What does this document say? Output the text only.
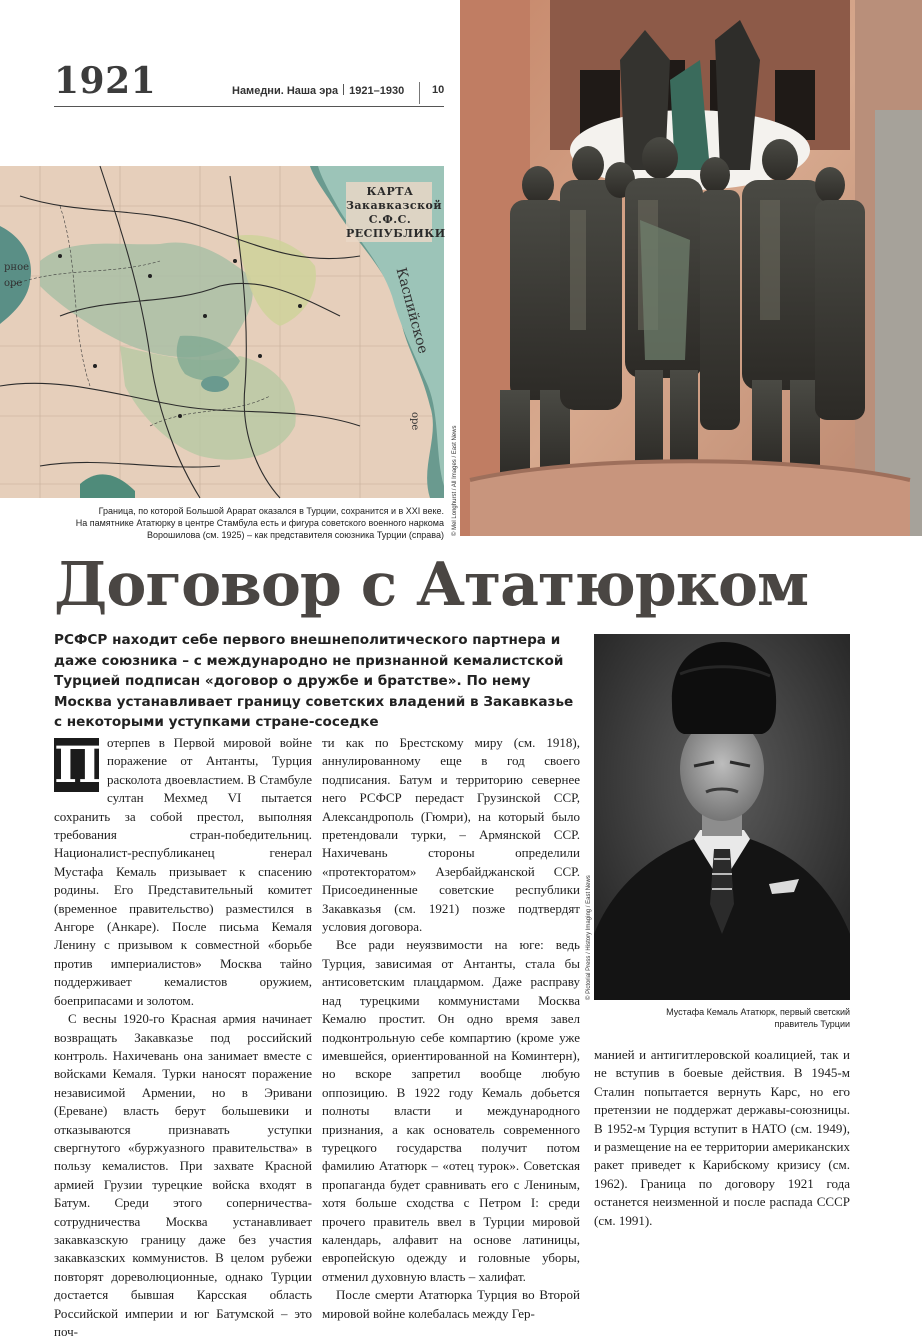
1921	Намедни. Наша эра 1921–1930	10
КАРТА
Закавказской
С.Ф.С.
РЕСПУБЛИКИ
рное
оре	Каспийское
оре
Граница, по которой Большой Арарат оказался в Турции, сохранится и в XXI веке.
На памятнике Ататюрку в центре Стамбула есть и фигура советского военного наркома
Ворошилова (см. 1925) – как представителя союзника Турции (справа) © Mel Longhurst / All Images / East News
Договор с Ататюрком
РСФСР находит себе первого внешнеполитического партнера и даже союзника – с международно не признанной кемалистской Турцией подписан «договор о дружбе и братстве». По нему Москва устанавливает границу советских владений в Закавказье с некоторыми уступками стране-соседке
© Pictorial Press / History Imaging / East News
Мустафа Кемаль Ататюрк, первый светский
правитель Турции

Потерпев в Первой мировой войне поражение от Антанты, Турция расколота двоевластием. В Стамбуле султан Мехмед VI пытается сохранить за собой престол, выполняя требования стран-победительниц. Националист-республиканец генерал Мустафа Кемаль призывает к спасению родины. Его Представительный комитет (временное правительство) разместился в Ангоре (Анкаре). После письма Кемаля Ленину с призывом к совместной «борьбе против империалистов» Москва тайно поддерживает кемалистов оружием, боеприпасами и золотом.

С весны 1920-го Красная армия начинает возвращать Закавказье под российский контроль. Нахичевань она занимает вместе с войсками Кемаля. Турки наносят поражение независимой Армении, но в Эривани (Ереване) власть берут большевики и отказываются признавать уступки свергнутого «буржуазного правительства» в пользу кемалистов. При захвате Красной армией Грузии турецкие войска входят в Батум. Среди этого соперничества-сотрудничества Москва устанавливает закавказскую границу даже без участия закавказских коммунистов. В целом рубежи повторят дореволюционные, однако Турции достается бывшая Карсская область Российской империи и юг Батумской – это поч-

ти как по Брестскому миру (см. 1918), аннулированному еще в год своего подписания. Батум и территорию севернее него РСФСР передаст Грузинской ССР, Александрополь (Гюмри), на который было претендовали турки, – Армянской ССР. Нахичевань стороны определили «протекторатом» Азербайджанской ССР. Присоединенные советские республики Закавказья (см. 1921) позже подтвердят условия договора.

Все ради неуязвимости на юге: ведь Турция, зависимая от Антанты, стала бы антисоветским плацдармом. Даже расправу над турецкими коммунистами Москва Кемалю простит. Он одно время завел подконтрольную себе компартию (кроме уже имевшейся, ориентированной на Коминтерн), но вскоре запретил вообще любую оппозицию. В 1922 году Кемаль добьется полноты власти и международного признания, а как основатель современного турецкого государства получит потом фамилию Ататюрк – «отец турок». Советская пропаганда будет сравнивать его с Лениным, хотя больше сходства с Петром I: среди прочего правитель ввел в Турции мировой календарь, алфавит на основе латиницы, европейскую одежду и головные уборы, отменил духовную власть – халифат.

После смерти Ататюрка Турция во Второй мировой войне колебалась между Гер-

манией и антигитлеровской коалицией, так и не вступив в боевые действия. В 1945-м Сталин попытается вернуть Карс, но его претензии не поддержат державы-союзницы. В 1952-м Турция вступит в НАТО (см. 1949), и размещение на ее территории американских ракет приведет к Карибскому кризису (см. 1962). Граница по договору 1921 года останется неизменной и после распада СССР (см. 1991).
